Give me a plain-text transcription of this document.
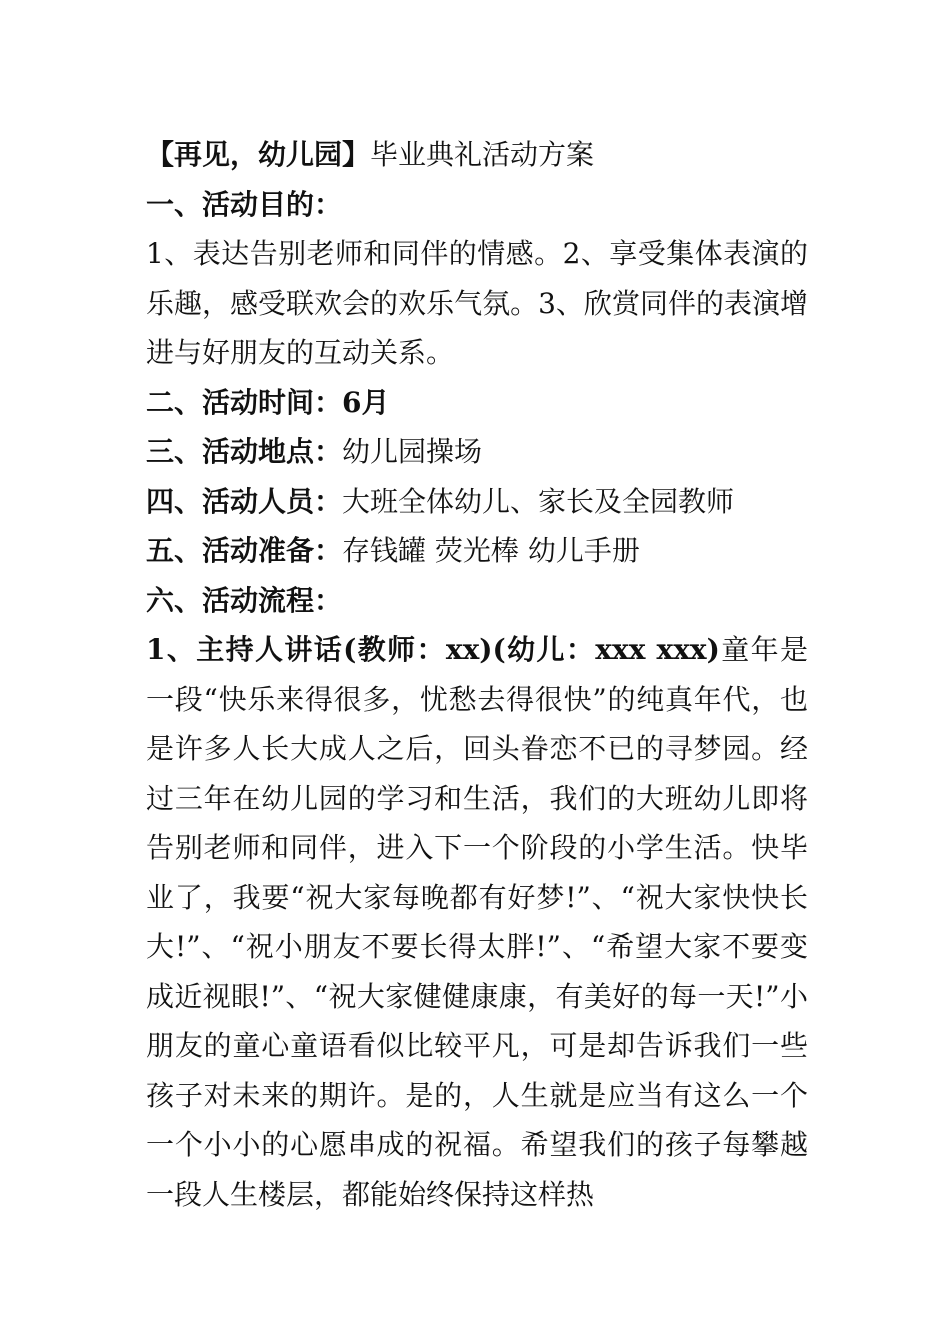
【再见，幼儿园】毕业典礼活动方案
一、活动目的：
1、表达告别老师和同伴的情感。2、享受集体表演的乐趣，感受联欢会的欢乐气氛。3、欣赏同伴的表演增进与好朋友的互动关系。
二、活动时间：6月
三、活动地点：幼儿园操场
四、活动人员：大班全体幼儿、家长及全园教师
五、活动准备：存钱罐 荧光棒 幼儿手册
六、活动流程：
1、主持人讲话(教师：xx)(幼儿：xxx xxx)童年是一段“快乐来得很多，忧愁去得很快”的纯真年代，也是许多人长大成人之后，回头眷恋不已的寻梦园。经过三年在幼儿园的学习和生活，我们的大班幼儿即将告别老师和同伴，进入下一个阶段的小学生活。快毕业了，我要“祝大家每晚都有好梦!”、“祝大家快快长大!”、“祝小朋友不要长得太胖!”、“希望大家不要变成近视眼!”、“祝大家健健康康，有美好的每一天!”小朋友的童心童语看似比较平凡，可是却告诉我们一些孩子对未来的期许。是的，人生就是应当有这么一个一个小小的心愿串成的祝福。希望我们的孩子每攀越一段人生楼层，都能始终保持这样热
